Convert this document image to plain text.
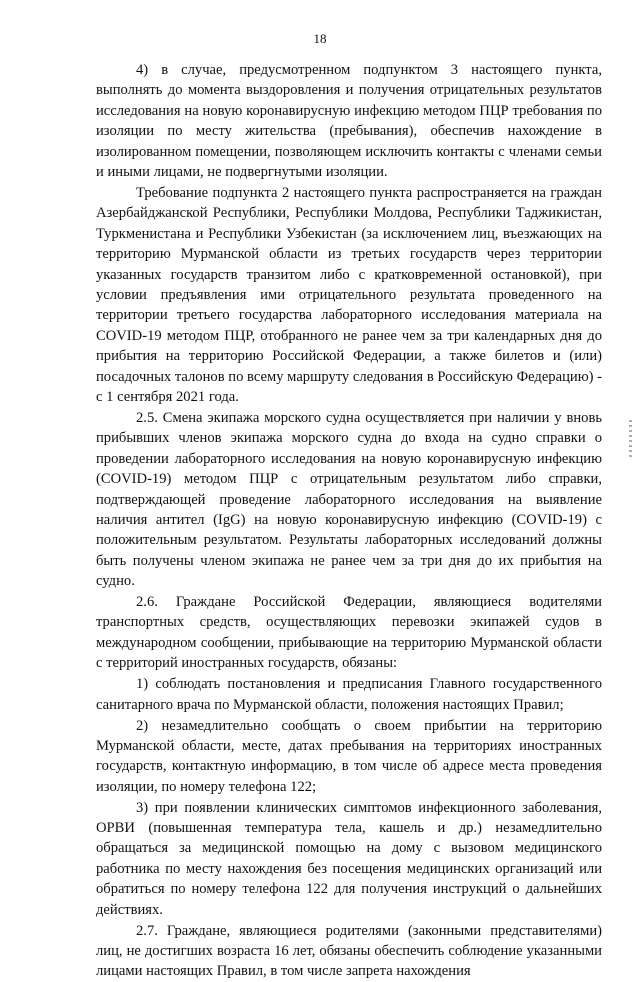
18

4) в случае, предусмотренном подпунктом 3 настоящего пункта, выполнять до момента выздоровления и получения отрицательных результатов исследования на новую коронавирусную инфекцию методом ПЦР требования по изоляции по месту жительства (пребывания), обеспечив нахождение в изолированном помещении, позволяющем исключить контакты с членами семьи и иными лицами, не подвергнутыми изоляции.

Требование подпункта 2 настоящего пункта распространяется на граждан Азербайджанской Республики, Республики Молдова, Республики Таджикистан, Туркменистана и Республики Узбекистан (за исключением лиц, въезжающих на территорию Мурманской области из третьих государств через территории указанных государств транзитом либо с кратковременной остановкой), при условии предъявления ими отрицательного результата проведенного на территории третьего государства лабораторного исследования материала на COVID-19 методом ПЦР, отобранного не ранее чем за три календарных дня до прибытия на территорию Российской Федерации, а также билетов и (или) посадочных талонов по всему маршруту следования в Российскую Федерацию) - с 1 сентября 2021 года.

2.5. Смена экипажа морского судна осуществляется при наличии у вновь прибывших членов экипажа морского судна до входа на судно справки о проведении лабораторного исследования на новую коронавирусную инфекцию (COVID-19) методом ПЦР с отрицательным результатом либо справки, подтверждающей проведение лабораторного исследования на выявление наличия антител (IgG) на новую коронавирусную инфекцию (COVID-19) с положительным результатом. Результаты лабораторных исследований должны быть получены членом экипажа не ранее чем за три дня до их прибытия на судно.

2.6. Граждане Российской Федерации, являющиеся водителями транспортных средств, осуществляющих перевозки экипажей судов в международном сообщении, прибывающие на территорию Мурманской области с территорий иностранных государств, обязаны:

1) соблюдать постановления и предписания Главного государственного санитарного врача по Мурманской области, положения настоящих Правил;

2) незамедлительно сообщать о своем прибытии на территорию Мурманской области, месте, датах пребывания на территориях иностранных государств, контактную информацию, в том числе об адресе места проведения изоляции, по номеру телефона 122;

3) при появлении клинических симптомов инфекционного заболевания, ОРВИ (повышенная температура тела, кашель и др.) незамедлительно обращаться за медицинской помощью на дому с вызовом медицинского работника по месту нахождения без посещения медицинских организаций или обратиться по номеру телефона 122 для получения инструкций о дальнейших действиях.

2.7. Граждане, являющиеся родителями (законными представителями) лиц, не достигших возраста 16 лет, обязаны обеспечить соблюдение указанными лицами настоящих Правил, в том числе запрета нахождения
